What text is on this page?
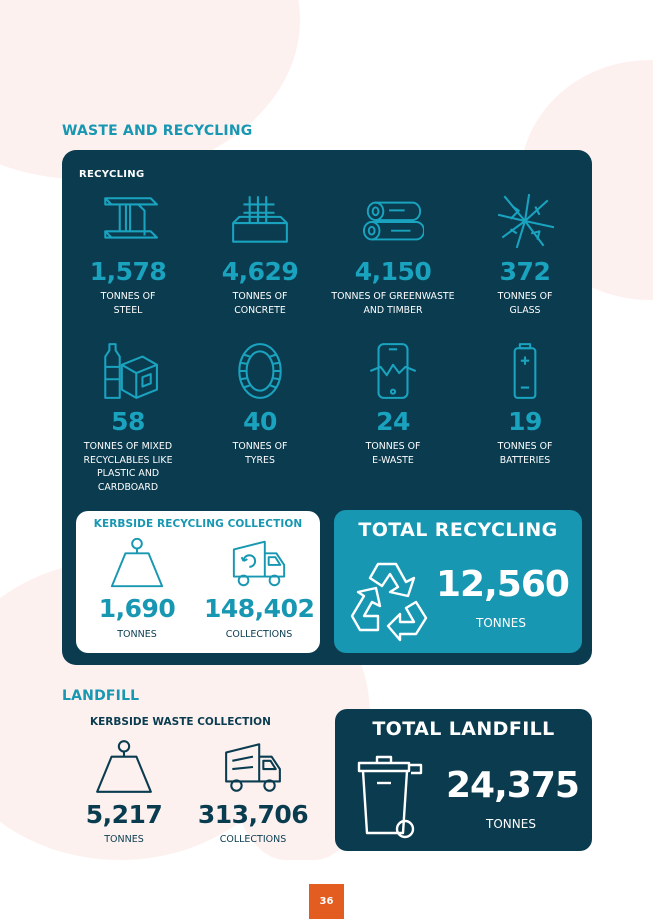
WASTE AND RECYCLING
RECYCLING
1,578
TONNES OF STEEL
4,629
TONNES OF CONCRETE
4,150
TONNES OF GREENWASTE AND TIMBER
372
TONNES OF GLASS
58
TONNES OF MIXED RECYCLABLES LIKE PLASTIC AND CARDBOARD
40
TONNES OF TYRES
24
TONNES OF E-WASTE
19
TONNES OF BATTERIES
KERBSIDE RECYCLING COLLECTION
1,690
TONNES
148,402
COLLECTIONS
TOTAL RECYCLING
12,560
TONNES
LANDFILL
KERBSIDE WASTE COLLECTION
5,217
TONNES
313,706
COLLECTIONS
TOTAL LANDFILL
24,375
TONNES
36
